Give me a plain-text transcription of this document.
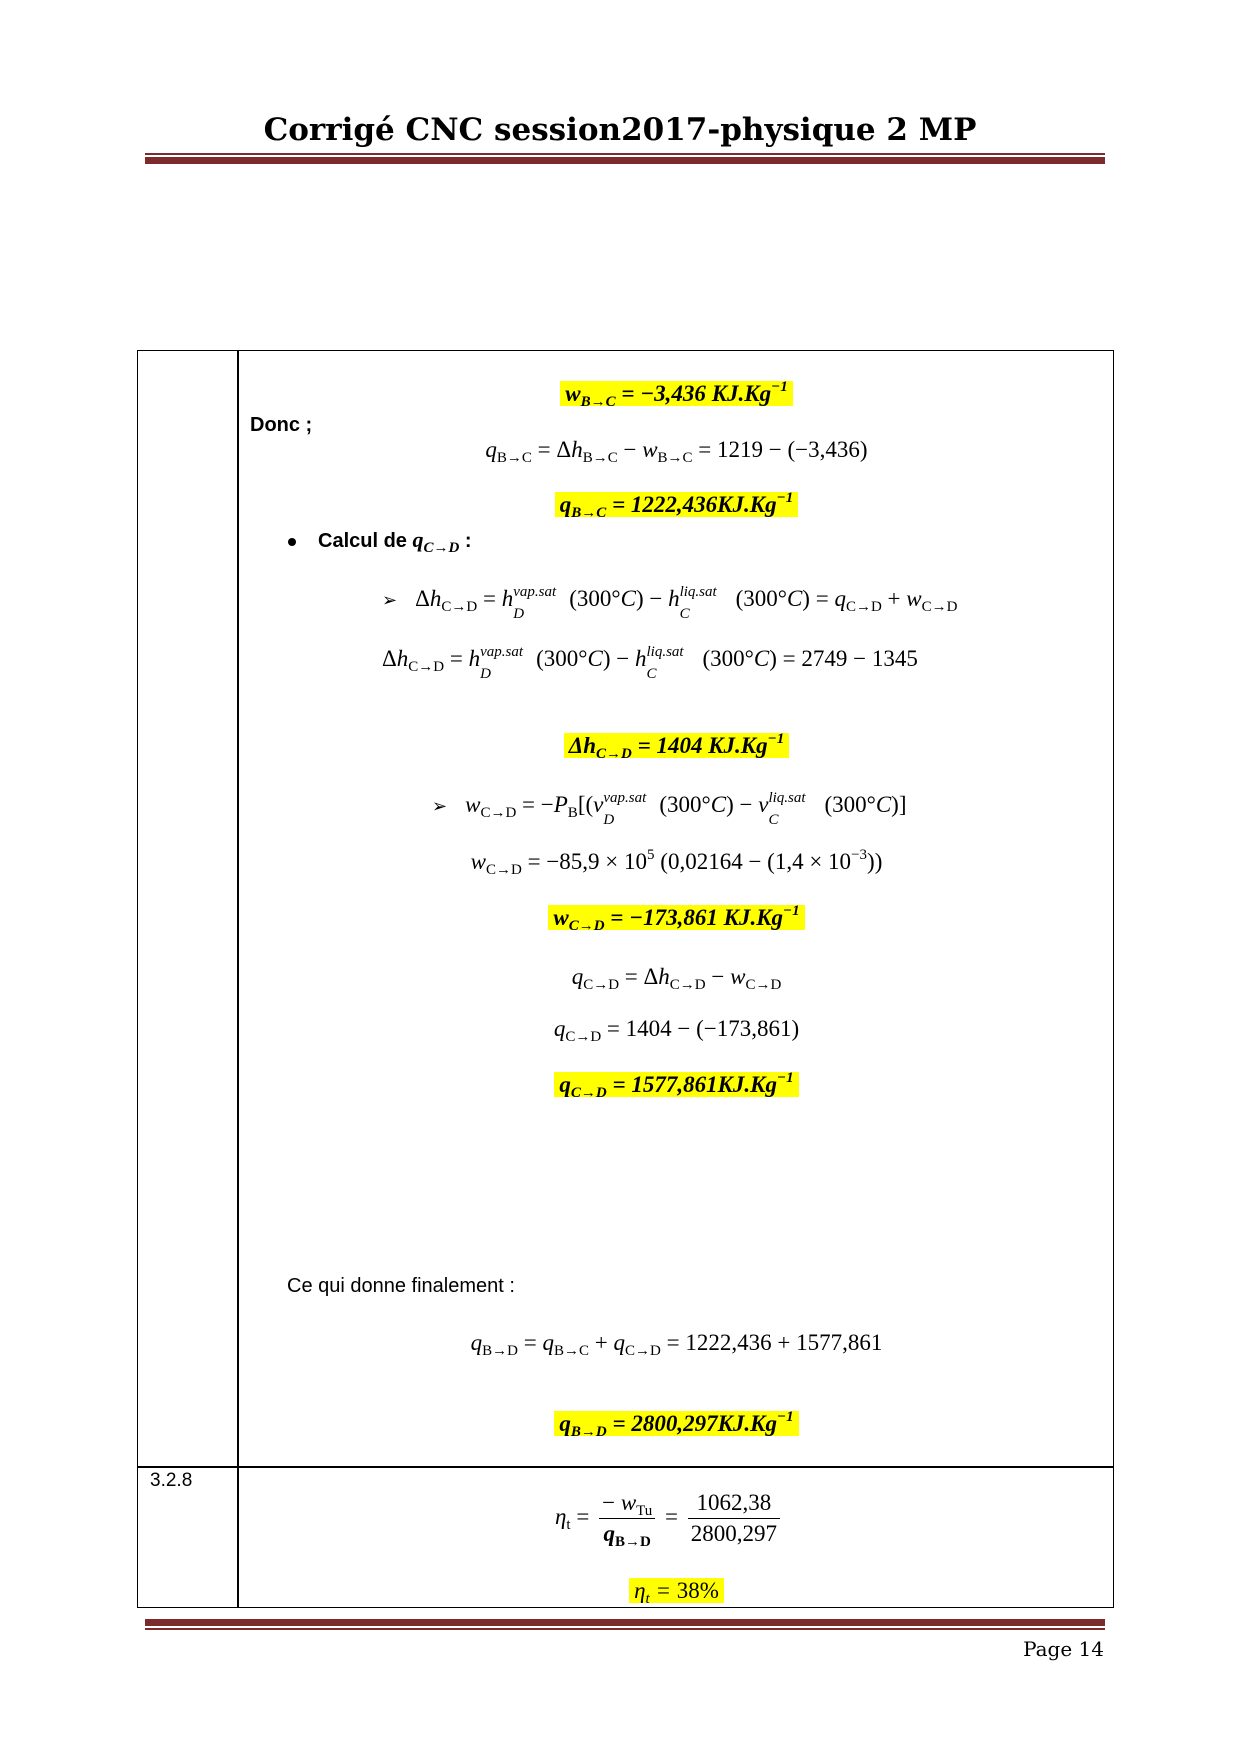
Corrigé CNC session2017-physique 2 MP
3.2.8
$w_{B\to C} = -3,436$ $KJ.Kg^{-1}$
Donc ;
$q_{B\to C} = \Delta h_{B\to C} - w_{B\to C} = 1219 - (-3,436)$
$q_{B\to C} = 1222,436KJ.Kg^{-1}$
Calcul de $q_{C\to D}$ :
➢ $\Delta h_{C\to D} = h$ vap.sat
D
(300°C) − h liq.sat
C
$(300^\circ C) = q_{C\to D} + w_{C\to D}$
$\Delta h_{C\to D} = h$ vap.sat
D
(300°C) − h liq.sat
C
(300°C) = 2749 − 1345
$\Delta h_{C\to D} = 1404$ $KJ.Kg^{-1}$
➢ $w_{C\to D} = -P_B[(v$ vap.sat
D
(300°C) − v liq.sat
C
(300°C)]
$w_{C\to D} = -85,9 \times 10^5$ $(0,02164 - (1,4 \times 10^{-3}))$
$w_{C\to D} = -173,861$ $KJ.Kg^{-1}$
$q_{C\to D} = \Delta h_{C\to D} - w_{C\to D}$
$q_{C\to D} = 1404 - (-173,861)$
$q_{C\to D} = 1577,861KJ.Kg^{-1}$
Ce qui donne finalement :
$q_{B\to D} = q_{B\to C} + q_{C\to D} = 1222,436 + 1577,861$
$q_{B\to D} = 2800,297KJ.Kg^{-1}$
$\eta_t = \frac{- w_{Tu}}{q_{B\to D}} = \frac{1062,38}{2800,297}$
$\eta_t = 38\%$
Page 14
